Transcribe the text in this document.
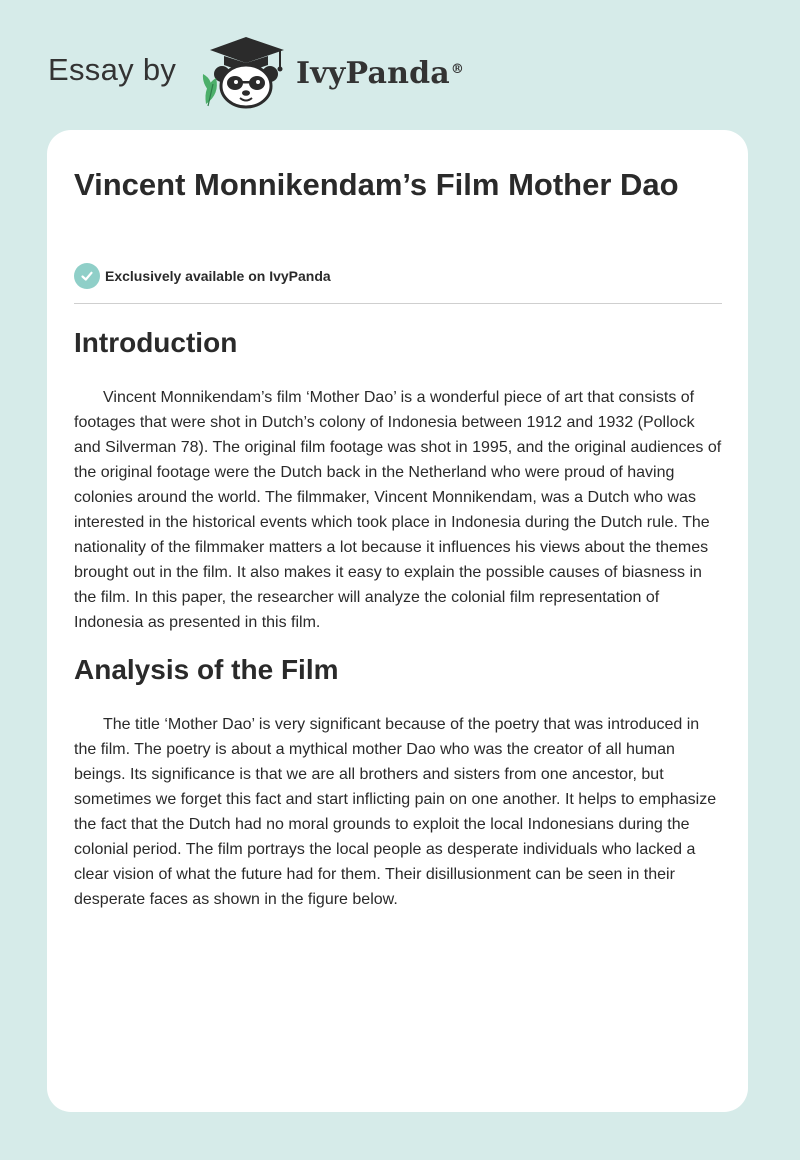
Essay by	IvyPanda®
Vincent Monnikendam’s Film Mother Dao
Exclusively available on IvyPanda
Introduction

Vincent Monnikendam’s film ‘Mother Dao’ is a wonderful piece of art that consists of footages that were shot in Dutch’s colony of Indonesia between 1912 and 1932 (Pollock and Silverman 78). The original film footage was shot in 1995, and the original audiences of the original footage were the Dutch back in the Netherland who were proud of having colonies around the world. The filmmaker, Vincent Monnikendam, was a Dutch who was interested in the historical events which took place in Indonesia during the Dutch rule. The nationality of the filmmaker matters a lot because it influences his views about the themes brought out in the film. It also makes it easy to explain the possible causes of biasness in the film. In this paper, the researcher will analyze the colonial film representation of Indonesia as presented in this film.

Analysis of the Film

The title ‘Mother Dao’ is very significant because of the poetry that was introduced in the film. The poetry is about a mythical mother Dao who was the creator of all human beings. Its significance is that we are all brothers and sisters from one ancestor, but sometimes we forget this fact and start inflicting pain on one another. It helps to emphasize the fact that the Dutch had no moral grounds to exploit the local Indonesians during the colonial period. The film portrays the local people as desperate individuals who lacked a clear vision of what the future had for them. Their disillusionment can be seen in their desperate faces as shown in the figure below.
